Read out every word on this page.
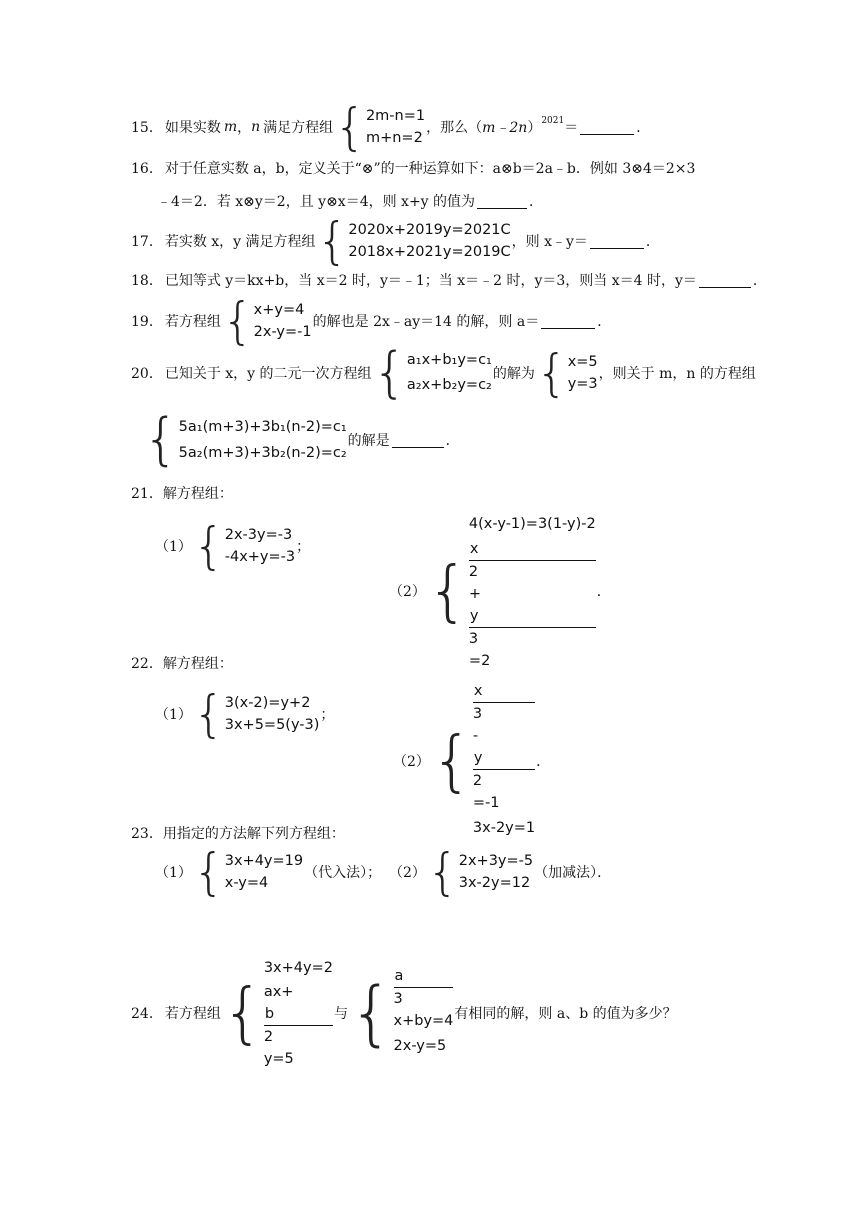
15． 如果实数 m ， n 满足方程组 { 2m-n=1
m+n=2
，那么（ m﹣2n ）$^{2021}$ ＝	．
16． 对于任意实数 a，b，定义关于“⊗”的一种运算如下：a⊗b＝2a﹣b．例如 3⊗4＝2×3
﹣4＝2．若 x⊗y＝2，且 y⊗x＝4，则 x+y 的值为	．
17． 若实数 x，y 满足方程组 { 2020x+2019y=2021C
2018x+2021y=2019C
，则 x﹣y＝	．
18． 已知等式 y＝kx+b，当 x＝2 时，y＝﹣1；当 x＝﹣2 时，y＝3，则当 x＝4 时，y＝	．
19． 若方程组 { x+y=4
2x-y=-1
的解也是 2x﹣ay＝14 的解，则 a＝	．
20． 已知关于 x，y 的二元一次方程组 { a₁x+b₁y=c₁
a₂x+b₂y=c₂
的解为 { x=5
y=3
，则关于 m，n 的方程组
{ 5a₁(m+3)+3b₁(n-2)=c₁
5a₂(m+3)+3b₂(n-2)=c₂
的解是	．
21．解方程组：
（1） { 2x-3y=-3
-4x+y=-3
；
（2） {
4(x-y-1)=3(1-y)-2
x
2
+
y
3
=2
．
22．解方程组：
（1） { 3(x-2)=y+2
3x+5=5(y-3)
；
（2） {
x
3
-
y
2
=-1
3x-2y=1
．
23．用指定的方法解下列方程组：
（1） { 3x+4y=19
x-y=4
（代入法）； （2） { 2x+3y=-5
3x-2y=12
（加减法）．
24． 若方程组 {
3x+4y=2
ax+
b
2
y=5
与 { a
3
x+by=4
2x-y=5
有相同的解，则 a、b 的值为多少？
